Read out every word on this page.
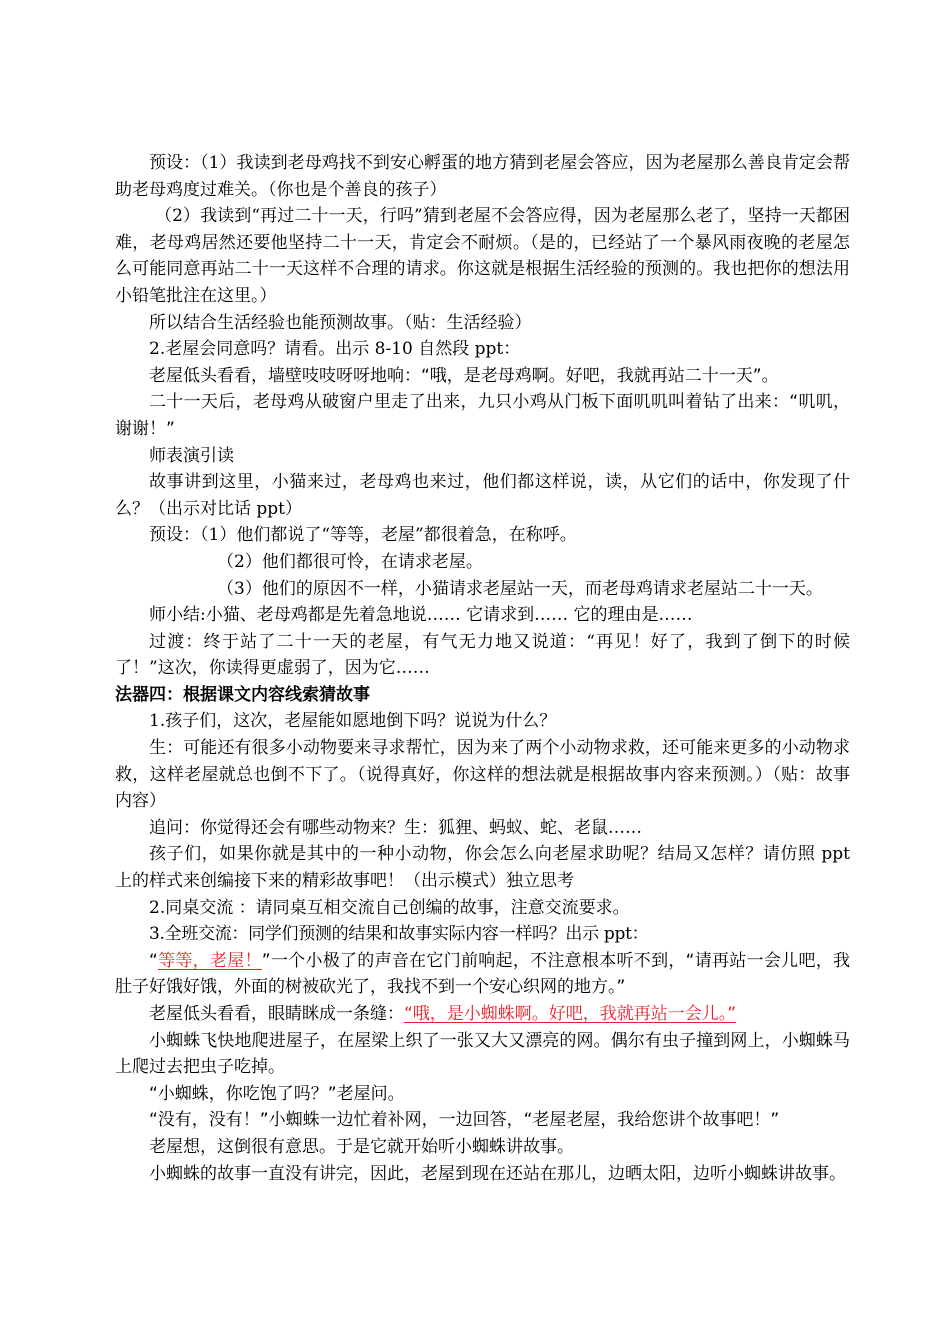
预设：（1）我读到老母鸡找不到安心孵蛋的地方猜到老屋会答应，因为老屋那么善良肯定会帮助老母鸡度过难关。（你也是个善良的孩子）

（2）我读到“再过二十一天，行吗”猜到老屋不会答应得，因为老屋那么老了，坚持一天都困难，老母鸡居然还要他坚持二十一天，肯定会不耐烦。（是的，已经站了一个暴风雨夜晚的老屋怎么可能同意再站二十一天这样不合理的请求。你这就是根据生活经验的预测的。我也把你的想法用小铅笔批注在这里。）

所以结合生活经验也能预测故事。（贴：生活经验）

2.老屋会同意吗？请看。出示 8-10 自然段 ppt：

老屋低头看看，墙壁吱吱呀呀地响：“哦，是老母鸡啊。好吧，我就再站二十一天”。

二十一天后，老母鸡从破窗户里走了出来，九只小鸡从门板下面叽叽叫着钻了出来：“叽叽，谢谢！”

师表演引读

故事讲到这里，小猫来过，老母鸡也来过，他们都这样说，读，从它们的话中，你发现了什么？（出示对比话 ppt）

预设：（1）他们都说了“等等，老屋”都很着急，在称呼。

（2）他们都很可怜，在请求老屋。

（3）他们的原因不一样，小猫请求老屋站一天，而老母鸡请求老屋站二十一天。

师小结:小猫、老母鸡都是先着急地说…… 它请求到…… 它的理由是……

过渡：终于站了二十一天的老屋，有气无力地又说道：“再见！好了，我到了倒下的时候了！”这次，你读得更虚弱了，因为它……

法器四：根据课文内容线索猜故事

1.孩子们，这次，老屋能如愿地倒下吗？说说为什么？

生：可能还有很多小动物要来寻求帮忙，因为来了两个小动物求救，还可能来更多的小动物求救，这样老屋就总也倒不下了。（说得真好，你这样的想法就是根据故事内容来预测。）（贴：故事内容）

追问：你觉得还会有哪些动物来？生：狐狸、蚂蚁、蛇、老鼠……

孩子们，如果你就是其中的一种小动物，你会怎么向老屋求助呢？结局又怎样？请仿照 ppt 上的样式来创编接下来的精彩故事吧！（出示模式）独立思考

2.同桌交流 ：请同桌互相交流自己创编的故事，注意交流要求。

3.全班交流：同学们预测的结果和故事实际内容一样吗？出示 ppt：

“等等，老屋！”一个小极了的声音在它门前响起，不注意根本听不到，“请再站一会儿吧，我肚子好饿好饿，外面的树被砍光了，我找不到一个安心织网的地方。”

老屋低头看看，眼睛眯成一条缝：“哦，是小蜘蛛啊。好吧，我就再站一会儿。”

小蜘蛛飞快地爬进屋子，在屋梁上织了一张又大又漂亮的网。偶尔有虫子撞到网上，小蜘蛛马上爬过去把虫子吃掉。

“小蜘蛛，你吃饱了吗？”老屋问。

“没有，没有！”小蜘蛛一边忙着补网，一边回答，“老屋老屋，我给您讲个故事吧！”

老屋想，这倒很有意思。于是它就开始听小蜘蛛讲故事。

小蜘蛛的故事一直没有讲完，因此，老屋到现在还站在那儿，边晒太阳，边听小蜘蛛讲故事。
